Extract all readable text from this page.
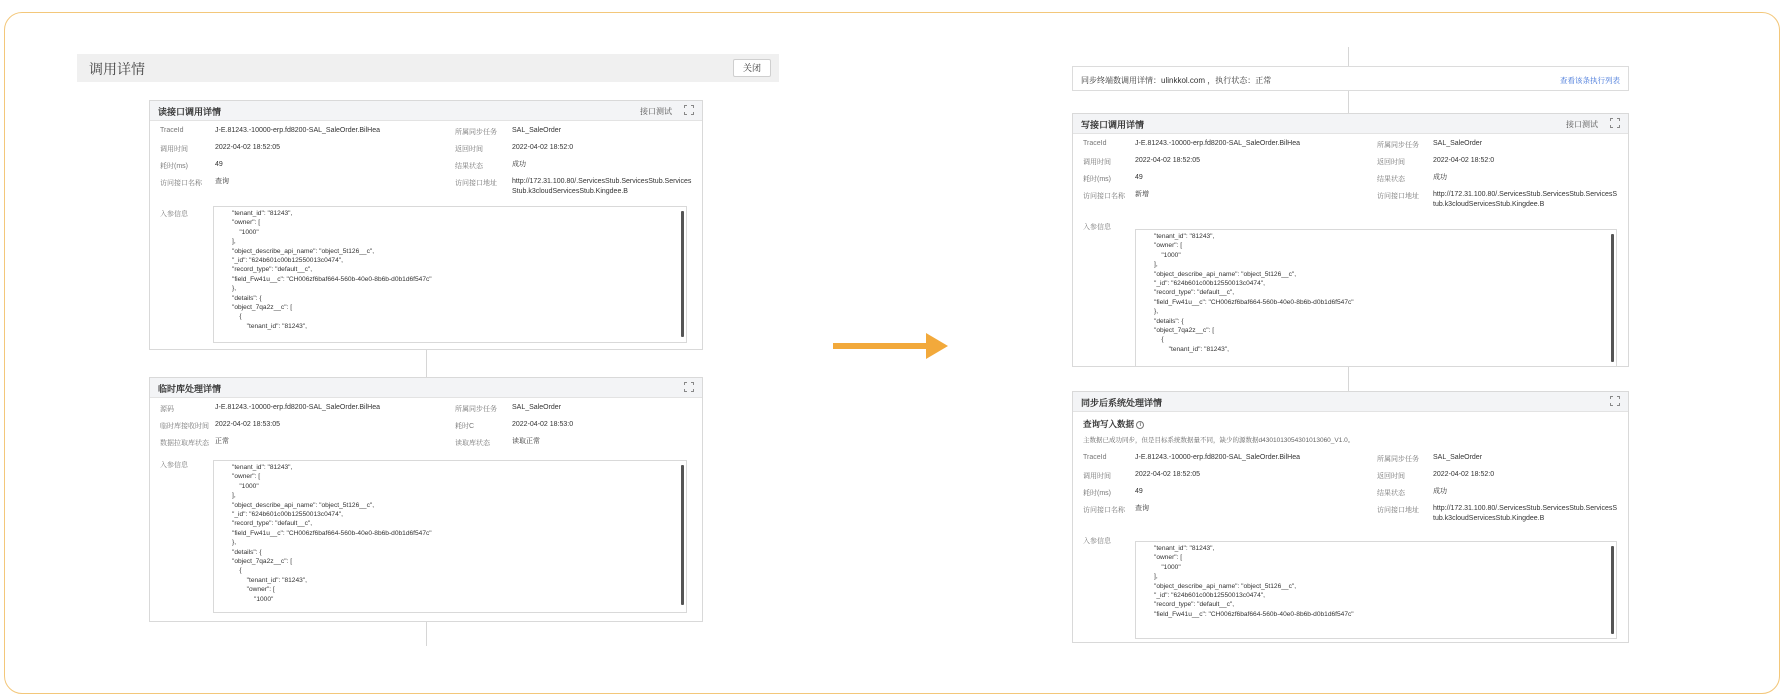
调用详情	关闭
读接口调用详情	接口测试
TraceId	J-E.81243.-10000-erp.fd8200-SAL_SaleOrder.BilHea	所属同步任务 SAL_SaleOrder
调用时间	2022-04-02 18:52:05	返回时间	2022-04-02 18:52:0
耗时(ms)	49	结果状态	成功
访问接口名称 查询	访问接口地址 http://172.31.100.80/.ServicesStub.ServicesStub.ServicesStub.k3cloudServicesStub.Kingdee.B
入参信息	"tenant_id": "81243",
"owner": [
"1000"
],
"object_describe_api_name": "object_5t126__c",
"_id": "624b601c00b12550013c0474",
"record_type": "default__c",
"field_Fw41u__c": "CH006zf6baf664-560b-40e0-8b6b-d0b1d6f547c"
},
"details": {
"object_7qa2z__c": [
{
"tenant_id": "81243",
临时库处理详情
源码	J-E.81243.-10000-erp.fd8200-SAL_SaleOrder.BilHea	所属同步任务 SAL_SaleOrder
临时库接收时间 2022-04-02 18:53:05	耗时C	2022-04-02 18:53:0
数据拉取库状态 正常	读取库状态	读取正常
入参信息	"tenant_id": "81243",
"owner": [
"1000"
],
"object_describe_api_name": "object_5t126__c",
"_id": "624b601c00b12550013c0474",
"record_type": "default__c",
"field_Fw41u__c": "CH006zf6baf664-560b-40e0-8b6b-d0b1d6f547c"
},
"details": {
"object_7qa2z__c": [
{
"tenant_id": "81243",
"owner": [
"1000"
同步终端数调用详情：ulinkkol.com ，执行状态：正常	查看该条执行列表
写接口调用详情	接口测试
TraceId	J-E.81243.-10000-erp.fd8200-SAL_SaleOrder.BilHea	所属同步任务 SAL_SaleOrder
调用时间	2022-04-02 18:52:05	返回时间	2022-04-02 18:52:0
耗时(ms)	49	结果状态	成功
访问接口名称 新增	访问接口地址 http://172.31.100.80/.ServicesStub.ServicesStub.ServicesStub.k3cloudServicesStub.Kingdee.B
入参信息
"tenant_id": "81243",
"owner": [
"1000"
],
"object_describe_api_name": "object_5t126__c",
"_id": "624b601c00b12550013c0474",
"record_type": "default__c",
"field_Fw41u__c": "CH006zf6baf664-560b-40e0-8b6b-d0b1d6f547c"
},
"details": {
"object_7qa2z__c": [
{
"tenant_id": "81243",
同步后系统处理详情
查询写入数据 i
主数据已成功同步，但是目标系统数据量不同，缺少的源数据d4301013054301013060_V1.0。
TraceId	J-E.81243.-10000-erp.fd8200-SAL_SaleOrder.BilHea	所属同步任务 SAL_SaleOrder
调用时间	2022-04-02 18:52:05	返回时间	2022-04-02 18:52:0
耗时(ms)	49	结果状态	成功
访问接口名称 查询	访问接口地址 http://172.31.100.80/.ServicesStub.ServicesStub.ServicesStub.k3cloudServicesStub.Kingdee.B
入参信息
"tenant_id": "81243",
"owner": [
"1000"
],
"object_describe_api_name": "object_5t126__c",
"_id": "624b601c00b12550013c0474",
"record_type": "default__c",
"field_Fw41u__c": "CH006zf6baf664-560b-40e0-8b6b-d0b1d6f547c"
